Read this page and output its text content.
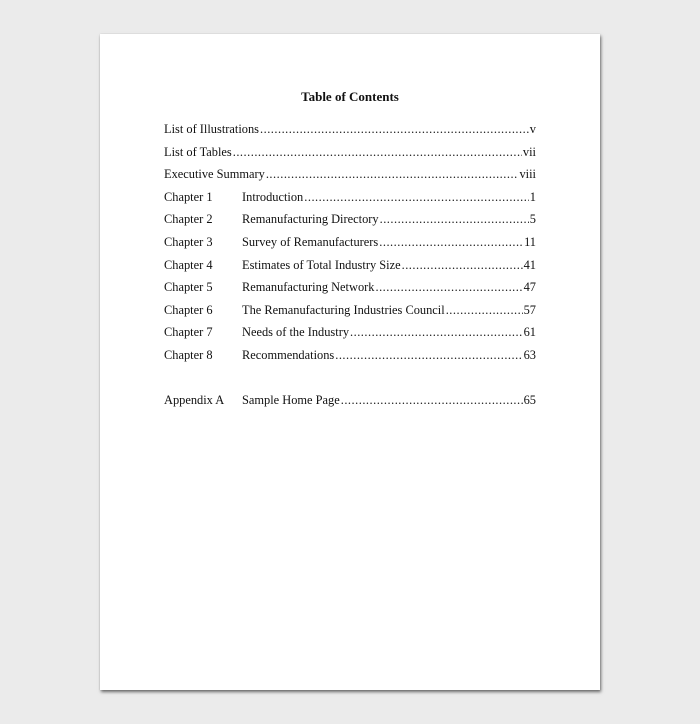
Table of Contents
List of Illustrations .....	v
List of Tables .....	vii
Executive Summary .....	viii
Chapter 1	Introduction .....	1
Chapter 2	Remanufacturing Directory .....	5
Chapter 3	Survey of Remanufacturers .....	11
Chapter 4	Estimates of Total Industry Size .....	41
Chapter 5	Remanufacturing Network .....	47
Chapter 6	The Remanufacturing Industries Council .....	57
Chapter 7	Needs of the Industry .....	61
Chapter 8	Recommendations .....	63
Appendix A	Sample Home Page .....	65
